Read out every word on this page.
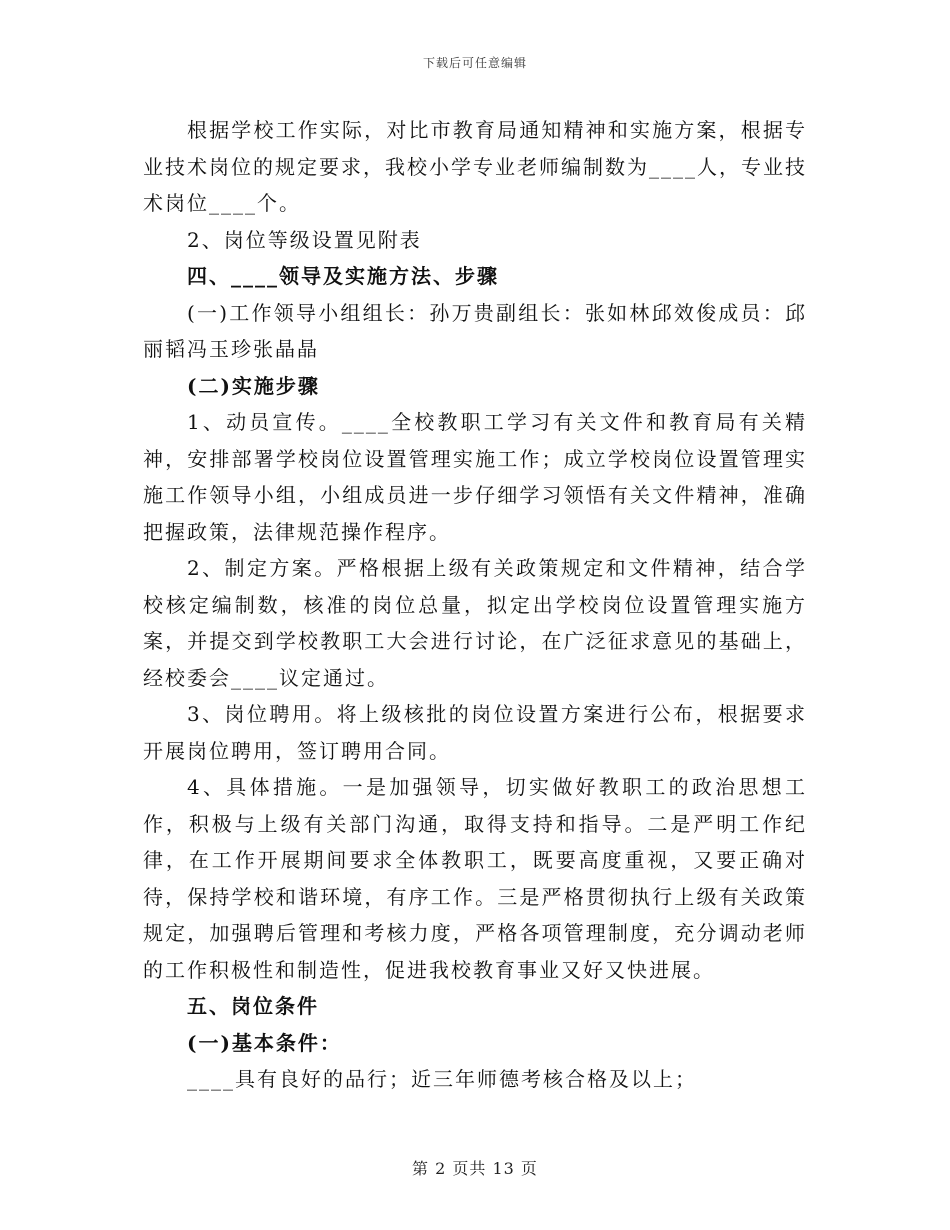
下载后可任意编辑

根据学校工作实际，对比市教育局通知精神和实施方案，根据专业技术岗位的规定要求，我校小学专业老师编制数为____人，专业技术岗位____个。

2、岗位等级设置见附表

四、____领导及实施方法、步骤

(一)工作领导小组组长：孙万贵副组长：张如林邱效俊成员：邱丽韬冯玉珍张晶晶

(二)实施步骤

1、动员宣传。____全校教职工学习有关文件和教育局有关精神，安排部署学校岗位设置管理实施工作；成立学校岗位设置管理实施工作领导小组，小组成员进一步仔细学习领悟有关文件精神，准确把握政策，法律规范操作程序。

2、制定方案。严格根据上级有关政策规定和文件精神，结合学校核定编制数，核准的岗位总量，拟定出学校岗位设置管理实施方案，并提交到学校教职工大会进行讨论，在广泛征求意见的基础上，经校委会____议定通过。

3、岗位聘用。将上级核批的岗位设置方案进行公布，根据要求开展岗位聘用，签订聘用合同。

4、具体措施。一是加强领导，切实做好教职工的政治思想工作，积极与上级有关部门沟通，取得支持和指导。二是严明工作纪律，在工作开展期间要求全体教职工，既要高度重视，又要正确对待，保持学校和谐环境，有序工作。三是严格贯彻执行上级有关政策规定，加强聘后管理和考核力度，严格各项管理制度，充分调动老师的工作积极性和制造性，促进我校教育事业又好又快进展。

五、岗位条件

(一)基本条件：

____具有良好的品行；近三年师德考核合格及以上；

第 2 页共 13 页
